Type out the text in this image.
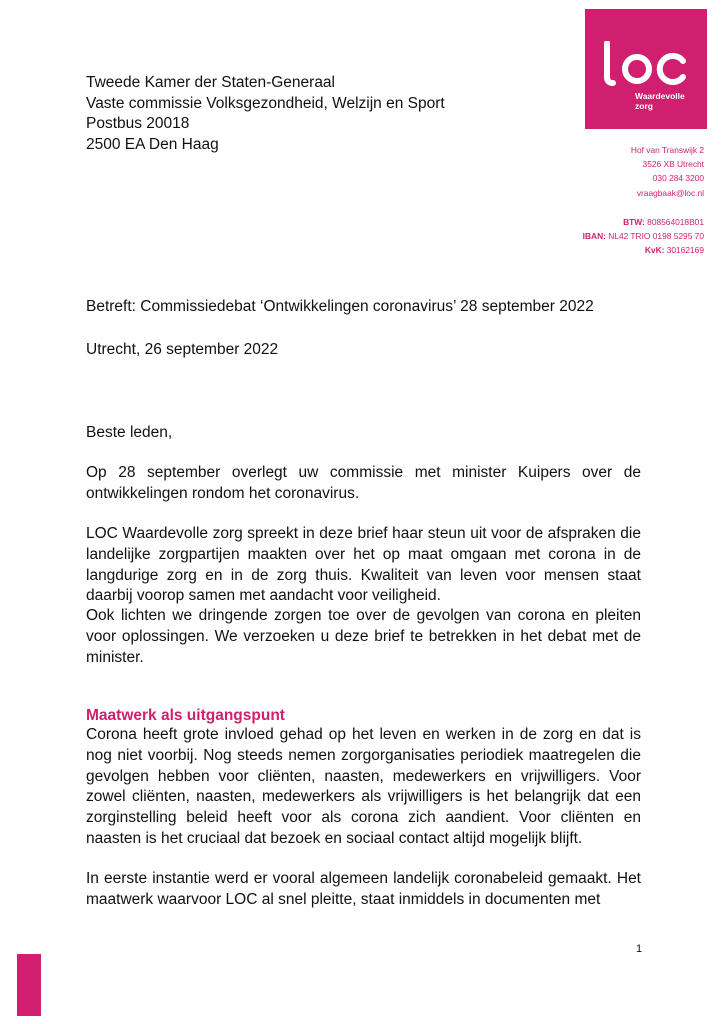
Waardevolle
zorg
Tweede Kamer der Staten-Generaal
Vaste commissie Volksgezondheid, Welzijn en Sport
Postbus 20018
2500 EA Den Haag	Hof van Transwijk 2
3526 XB Utrecht
030 284 3200
vraagbaak@loc.nl
BTW: 808564018B01
IBAN: NL42 TRIO 0198 5295 70
KvK: 30162169
Betreft: Commissiedebat ‘Ontwikkelingen coronavirus’ 28 september 2022
Utrecht, 26 september 2022
Beste leden,
Op 28 september overlegt uw commissie met minister Kuipers over de ontwikkelingen rondom het coronavirus.
LOC Waardevolle zorg spreekt in deze brief haar steun uit voor de afspraken die landelijke zorgpartijen maakten over het op maat omgaan met corona in de langdurige zorg en in de zorg thuis. Kwaliteit van leven voor mensen staat daarbij voorop samen met aandacht voor veiligheid.
Ook lichten we dringende zorgen toe over de gevolgen van corona en pleiten voor oplossingen. We verzoeken u deze brief te betrekken in het debat met de minister.
Maatwerk als uitgangspunt
Corona heeft grote invloed gehad op het leven en werken in de zorg en dat is nog niet voorbij. Nog steeds nemen zorgorganisaties periodiek maatregelen die gevolgen hebben voor cliënten, naasten, medewerkers en vrijwilligers. Voor zowel cliënten, naasten, medewerkers als vrijwilligers is het belangrijk dat een zorginstelling beleid heeft voor als corona zich aandient. Voor cliënten en naasten is het cruciaal dat bezoek en sociaal contact altijd mogelijk blijft.
In eerste instantie werd er vooral algemeen landelijk coronabeleid gemaakt. Het maatwerk waarvoor LOC al snel pleitte, staat inmiddels in documenten met
1
